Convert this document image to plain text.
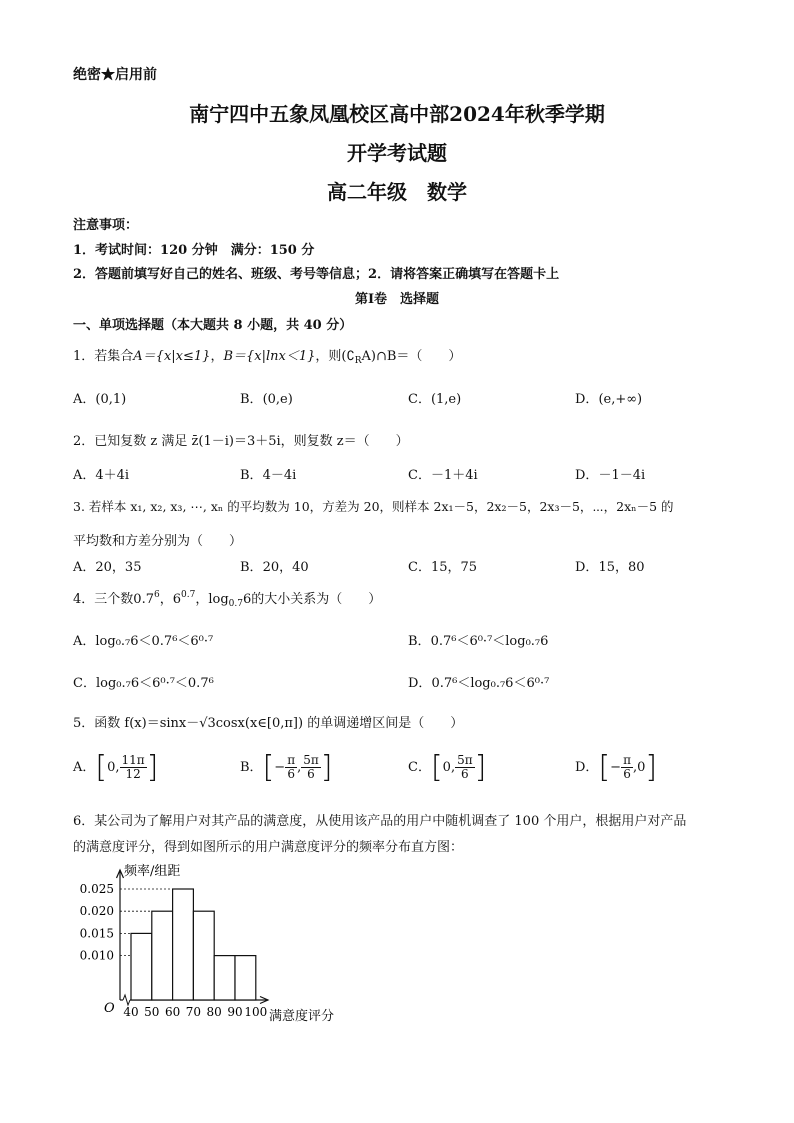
绝密★启用前
南宁四中五象凤凰校区高中部2024年秋季学期
开学考试题
高二年级　数学
注意事项：
1．考试时间：120 分钟　满分：150 分
2．答题前填写好自己的姓名、班级、考号等信息；2．请将答案正确填写在答题卡上
第Ⅰ卷　选择题
一、单项选择题（本大题共 8 小题，共 40 分）
1．若集合A＝{x|x≤1}，B＝{x|lnx＜1}，则$(∁_RA)\cap B=$（　　）
A．(0,1)	B．(0,e)	C．(1,e)	D．(e,+∞)
2．已知复数 z 满足 z̄(1－i)＝3＋5i，则复数 z＝（　　）
A．4＋4i	B．4－4i	C．－1＋4i	D．－1－4i
3. 若样本 x₁, x₂, x₃, ⋯, xₙ 的平均数为 10，方差为 20，则样本 2x₁－5，2x₂－5，2x₃－5，⋯，2xₙ－5 的
平均数和方差分别为（　　）
A．20，35	B．20，40	C．15，75	D．15，80
4．三个数$0.7^6$，$6^{0.7}$，$\log_{0.7}6$的大小关系为（　　）
A．log₀.₇6＜0.7⁶＜6⁰·⁷	B．0.7⁶＜6⁰·⁷＜log₀.₇6
C．log₀.₇6＜6⁰·⁷＜0.7⁶	D．0.7⁶＜log₀.₇6＜6⁰·⁷
5．函数 f(x)＝sinx－√3cosx(x∈[0,π]) 的单调递增区间是（　　）
A．[0, $\frac{11\pi}{12}$ ]	B．[− $\frac{\pi}{6}$ , $\frac{5\pi}{6}$ ]	C．[0, $\frac{5\pi}{6}$ ]	D．[− $\frac{\pi}{6} ,0$]
6．某公司为了解用户对其产品的满意度，从使用该产品的用户中随机调查了 100 个用户，根据用户对产品
的满意度评分，得到如图所示的用户满意度评分的频率分布直方图：
0.025
0.020
0.015
0.010
40 50 60 70 80 90 100
O
频率/组距
满意度评分
